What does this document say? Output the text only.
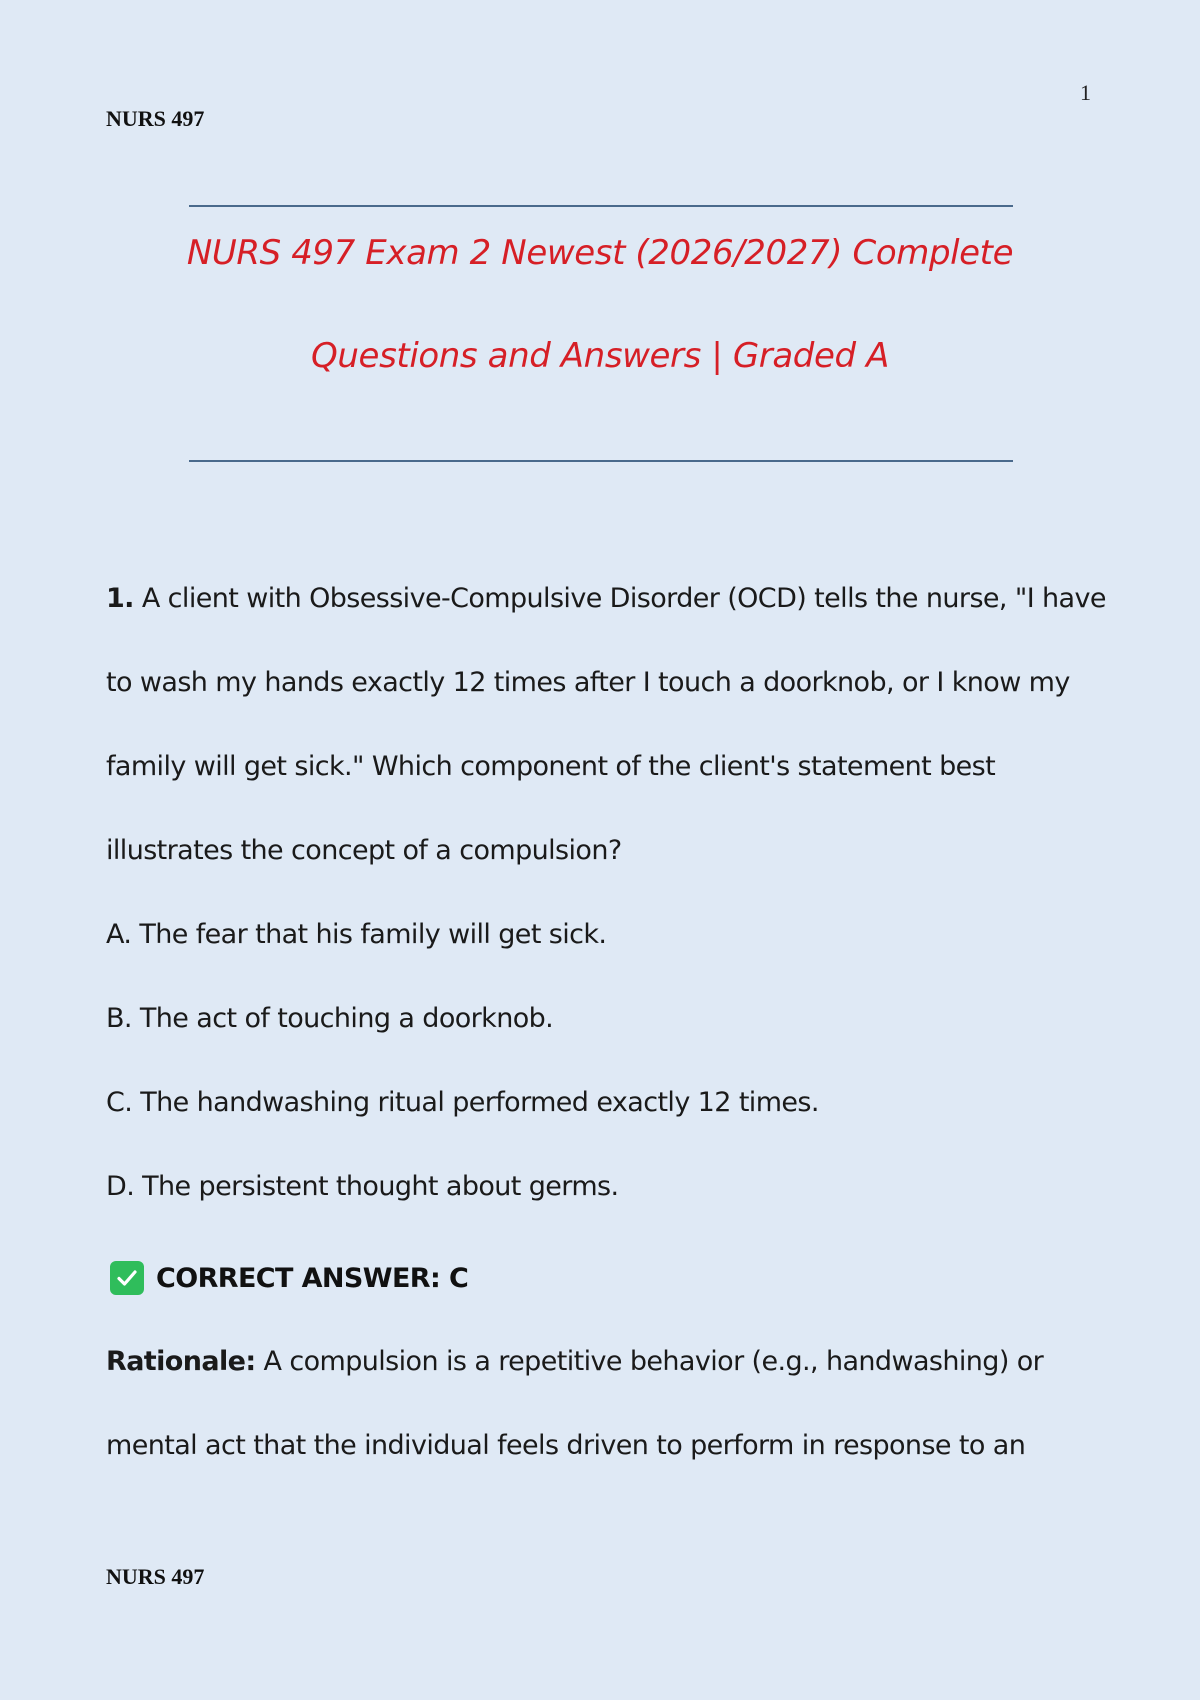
1
NURS 497
NURS 497 Exam 2 Newest (2026/2027) Complete
Questions and Answers | Graded A
1. A client with Obsessive-Compulsive Disorder (OCD) tells the nurse, "I have
to wash my hands exactly 12 times after I touch a doorknob, or I know my
family will get sick." Which component of the client's statement best
illustrates the concept of a compulsion?
A. The fear that his family will get sick.
B. The act of touching a doorknob.
C. The handwashing ritual performed exactly 12 times.
D. The persistent thought about germs.
CORRECT ANSWER: C
Rationale: A compulsion is a repetitive behavior (e.g., handwashing) or
mental act that the individual feels driven to perform in response to an
NURS 497
